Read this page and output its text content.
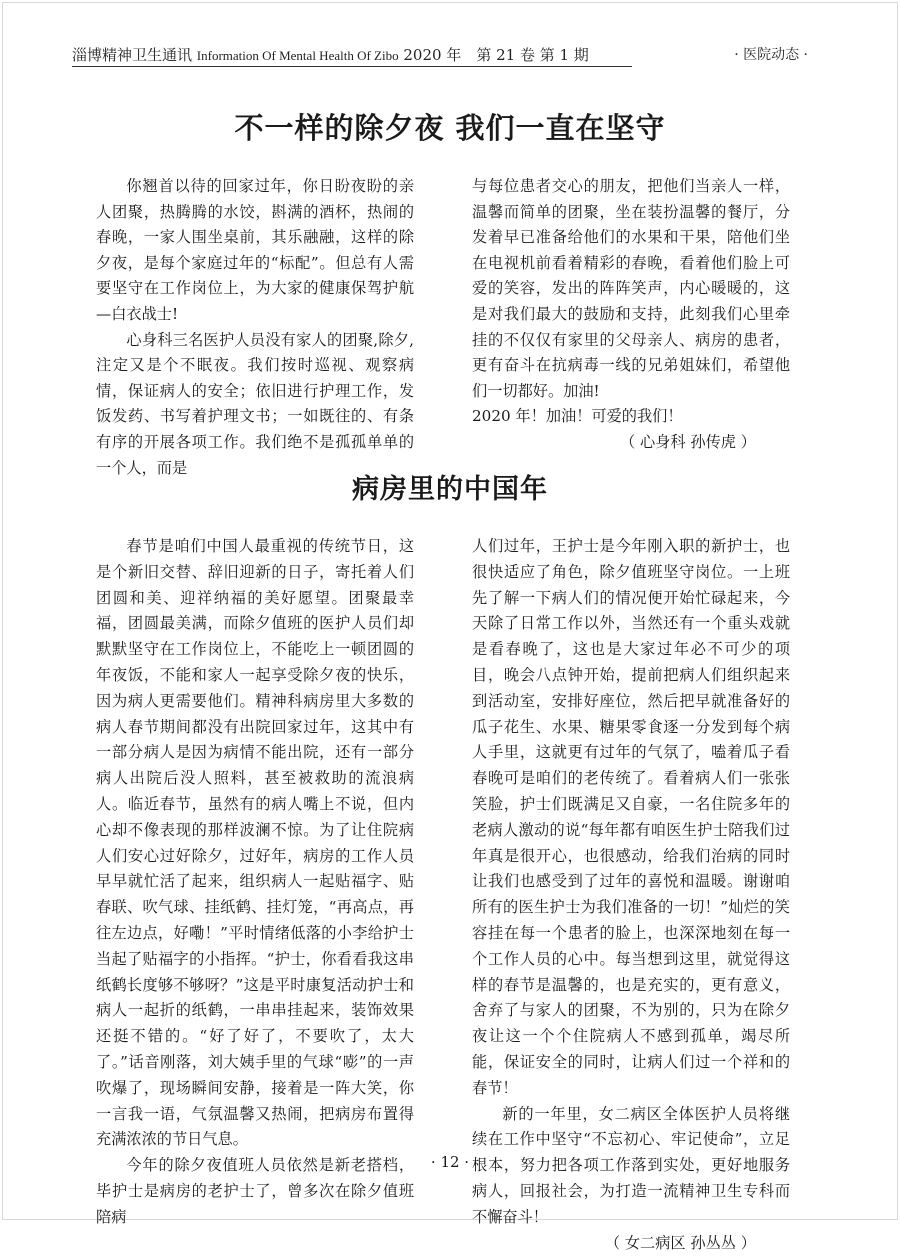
淄博精神卫生通讯 Information Of Mental Health Of Zibo 2020 年　第 21 卷 第 1 期	· 医院动态 ·
不一样的除夕夜 我们一直在坚守

你翘首以待的回家过年，你日盼夜盼的亲人团聚，热腾腾的水饺，斟满的酒杯，热闹的春晚，一家人围坐桌前，其乐融融，这样的除夕夜，是每个家庭过年的“标配”。但总有人需要坚守在工作岗位上，为大家的健康保驾护航—白衣战士!

心身科三名医护人员没有家人的团聚,除夕,注定又是个不眠夜。我们按时巡视、观察病情，保证病人的安全；依旧进行护理工作，发饭发药、书写着护理文书；一如既往的、有条有序的开展各项工作。我们绝不是孤孤单单的一个人，而是

与每位患者交心的朋友，把他们当亲人一样，温馨而简单的团聚，坐在装扮温馨的餐厅，分发着早已准备给他们的水果和干果，陪他们坐在电视机前看着精彩的春晚，看着他们脸上可爱的笑容，发出的阵阵笑声，内心暖暖的，这是对我们最大的鼓励和支持，此刻我们心里牵挂的不仅仅有家里的父母亲人、病房的患者，更有奋斗在抗病毒一线的兄弟姐妹们，希望他们一切都好。加油!

2020 年！加油！可爱的我们！

（ 心身科 孙传虎 ）

病房里的中国年

春节是咱们中国人最重视的传统节日，这是个新旧交替、辞旧迎新的日子，寄托着人们团圆和美、迎祥纳福的美好愿望。团聚最幸福，团圆最美满，而除夕值班的医护人员们却默默坚守在工作岗位上，不能吃上一顿团圆的年夜饭，不能和家人一起享受除夕夜的快乐，因为病人更需要他们。精神科病房里大多数的病人春节期间都没有出院回家过年，这其中有一部分病人是因为病情不能出院，还有一部分病人出院后没人照料，甚至被救助的流浪病人。临近春节，虽然有的病人嘴上不说，但内心却不像表现的那样波澜不惊。为了让住院病人们安心过好除夕，过好年，病房的工作人员早早就忙活了起来，组织病人一起贴福字、贴春联、吹气球、挂纸鹤、挂灯笼，“再高点，再往左边点，好嘞！”平时情绪低落的小李给护士当起了贴福字的小指挥。“护士，你看看我这串纸鹤长度够不够呀？”这是平时康复活动护士和病人一起折的纸鹤，一串串挂起来，装饰效果还挺不错的。“好了好了，不要吹了，太大了。”话音刚落，刘大姨手里的气球“嘭”的一声吹爆了，现场瞬间安静，接着是一阵大笑，你一言我一语，气氛温馨又热闹，把病房布置得充满浓浓的节日气息。

今年的除夕夜值班人员依然是新老搭档，毕护士是病房的老护士了，曾多次在除夕值班陪病

人们过年，王护士是今年刚入职的新护士，也很快适应了角色，除夕值班坚守岗位。一上班先了解一下病人们的情况便开始忙碌起来，今天除了日常工作以外，当然还有一个重头戏就是看春晚了，这也是大家过年必不可少的项目，晚会八点钟开始，提前把病人们组织起来到活动室，安排好座位，然后把早就准备好的瓜子花生、水果、糖果零食逐一分发到每个病人手里，这就更有过年的气氛了，嗑着瓜子看春晚可是咱们的老传统了。看着病人们一张张笑脸，护士们既满足又自豪，一名住院多年的老病人激动的说“每年都有咱医生护士陪我们过年真是很开心，也很感动，给我们治病的同时让我们也感受到了过年的喜悦和温暖。谢谢咱所有的医生护士为我们准备的一切！”灿烂的笑容挂在每一个患者的脸上，也深深地刻在每一个工作人员的心中。每当想到这里，就觉得这样的春节是温馨的，也是充实的，更有意义，舍弃了与家人的团聚，不为别的，只为在除夕夜让这一个个住院病人不感到孤单，竭尽所能，保证安全的同时，让病人们过一个祥和的春节！

新的一年里，女二病区全体医护人员将继续在工作中坚守“不忘初心、牢记使命”，立足根本，努力把各项工作落到实处，更好地服务病人，回报社会，为打造一流精神卫生专科而不懈奋斗！

（ 女二病区 孙丛丛 ）

· 12 ·
